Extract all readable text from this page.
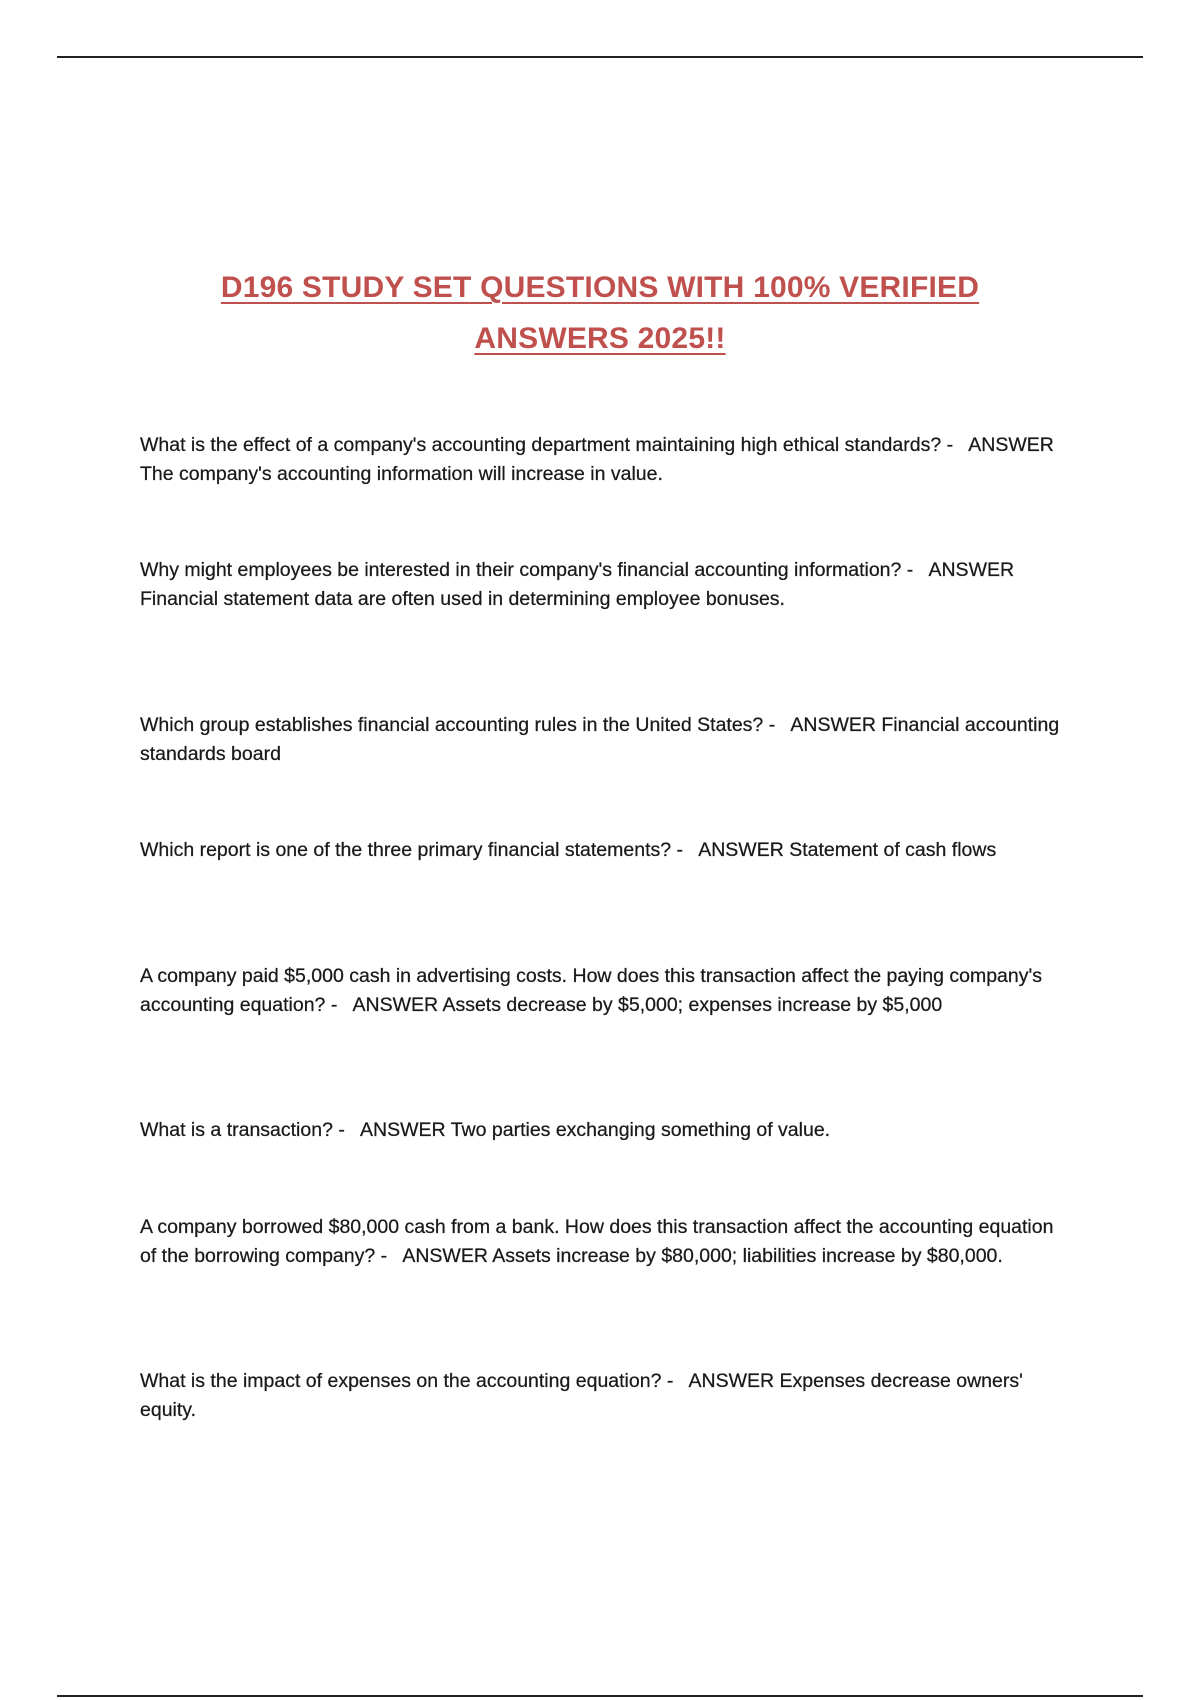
D196 STUDY SET QUESTIONS WITH 100% VERIFIED
ANSWERS 2025!!
What is the effect of a company's accounting department maintaining high ethical standards? -   ANSWER The company's accounting information will increase in value.
Why might employees be interested in their company's financial accounting information? -   ANSWER Financial statement data are often used in determining employee bonuses.
Which group establishes financial accounting rules in the United States? -   ANSWER Financial accounting standards board
Which report is one of the three primary financial statements? -   ANSWER Statement of cash flows
A company paid $5,000 cash in advertising costs. How does this transaction affect the paying company's accounting equation? -   ANSWER Assets decrease by $5,000; expenses increase by $5,000
What is a transaction? -   ANSWER Two parties exchanging something of value.
A company borrowed $80,000 cash from a bank. How does this transaction affect the accounting equation of the borrowing company? -   ANSWER Assets increase by $80,000; liabilities increase by $80,000.
What is the impact of expenses on the accounting equation? -   ANSWER Expenses decrease owners' equity.
